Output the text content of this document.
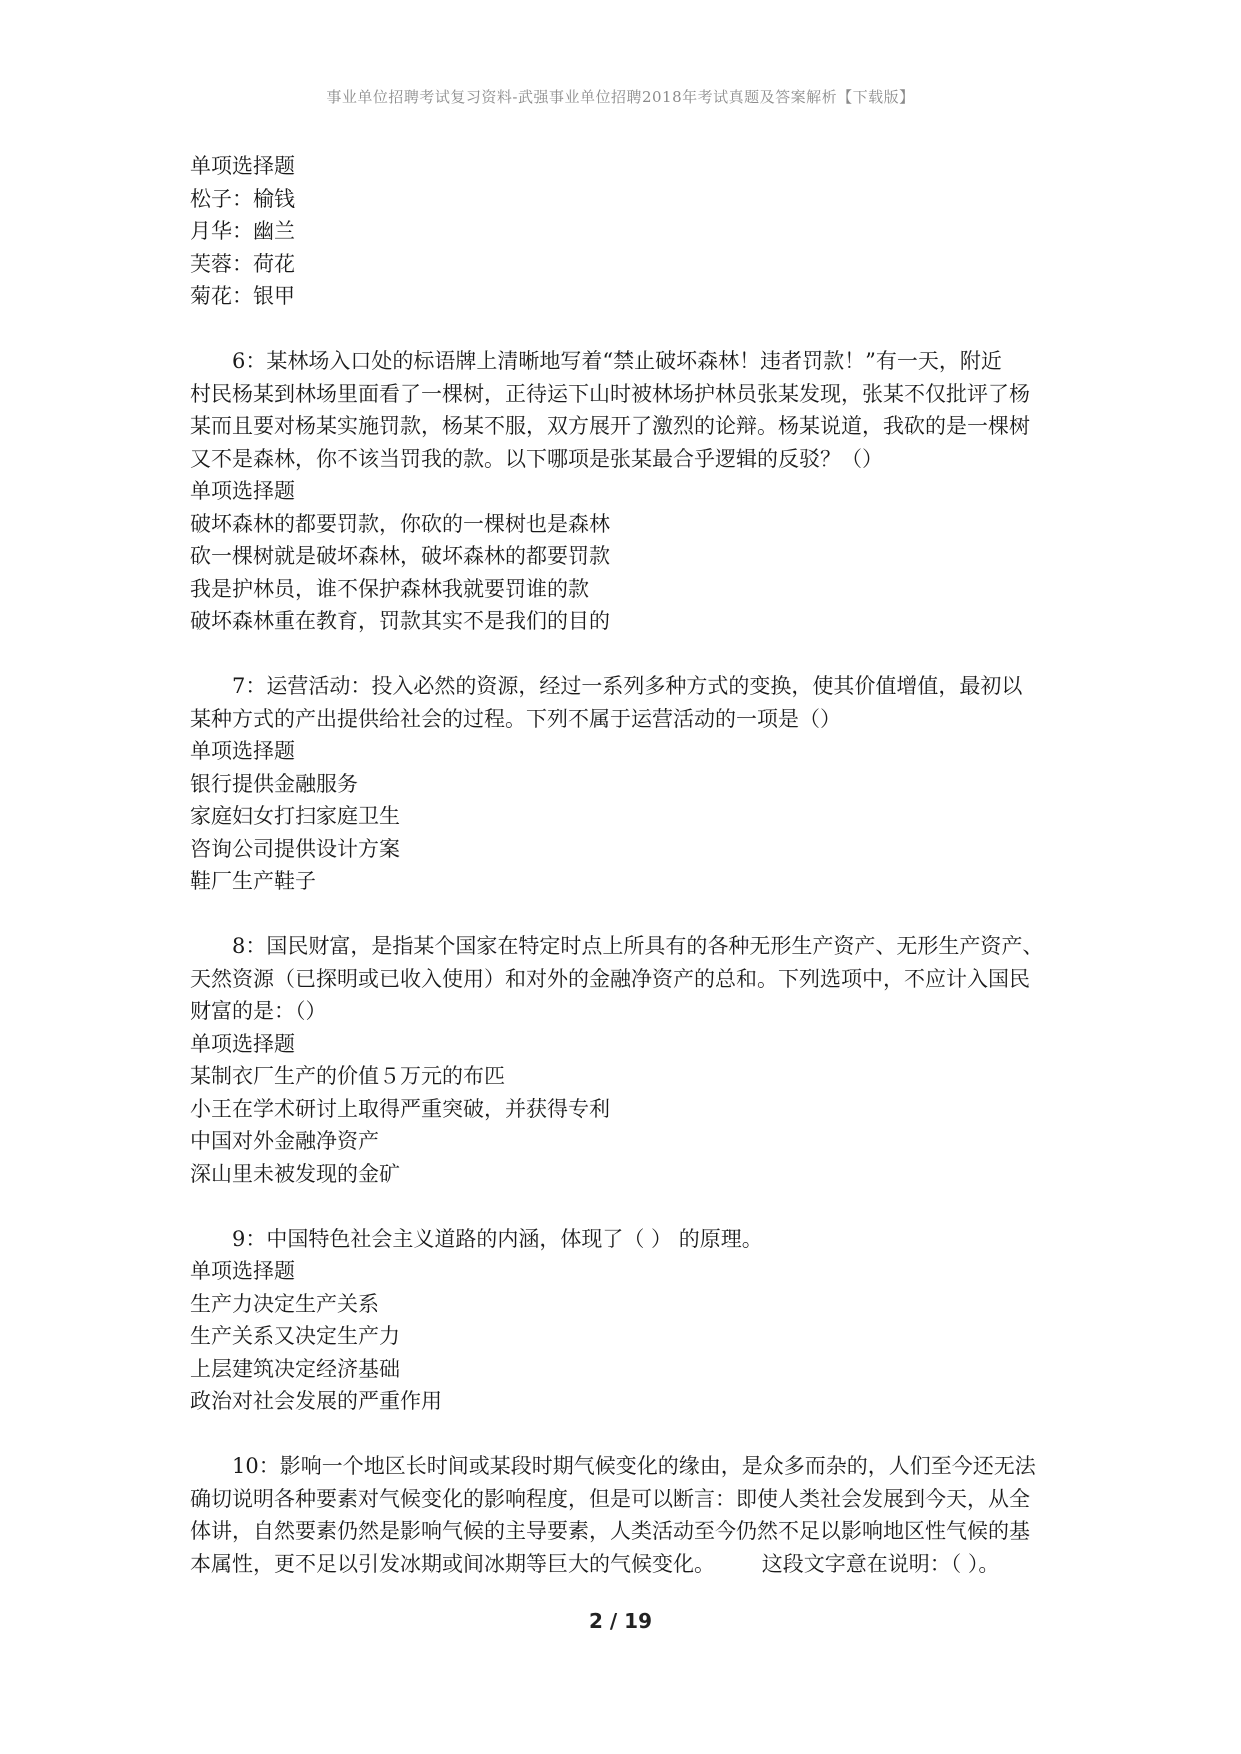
事业单位招聘考试复习资料-武强事业单位招聘2018年考试真题及答案解析【下载版】
单项选择题
松子：榆钱
月华：幽兰
芙蓉：荷花
菊花：银甲
6：某林场入口处的标语牌上清晰地写着“禁止破坏森林！违者罚款！”有一天，附近
村民杨某到林场里面看了一棵树，正待运下山时被林场护林员张某发现，张某不仅批评了杨
某而且要对杨某实施罚款，杨某不服，双方展开了激烈的论辩。杨某说道，我砍的是一棵树
又不是森林，你不该当罚我的款。以下哪项是张某最合乎逻辑的反驳？（）
单项选择题
破坏森林的都要罚款，你砍的一棵树也是森林
砍一棵树就是破坏森林，破坏森林的都要罚款
我是护林员，谁不保护森林我就要罚谁的款
破坏森林重在教育，罚款其实不是我们的目的
7：运营活动：投入必然的资源，经过一系列多种方式的变换，使其价值增值，最初以
某种方式的产出提供给社会的过程。下列不属于运营活动的一项是（）
单项选择题
银行提供金融服务
家庭妇女打扫家庭卫生
咨询公司提供设计方案
鞋厂生产鞋子
8：国民财富，是指某个国家在特定时点上所具有的各种无形生产资产、无形生产资产、
天然资源（已探明或已收入使用）和对外的金融净资产的总和。下列选项中，不应计入国民
财富的是：（）
单项选择题
某制衣厂生产的价值５万元的布匹
小王在学术研讨上取得严重突破，并获得专利
中国对外金融净资产
深山里未被发现的金矿
9：中国特色社会主义道路的内涵，体现了（ ） 的原理。
单项选择题
生产力决定生产关系
生产关系又决定生产力
上层建筑决定经济基础
政治对社会发展的严重作用
10：影响一个地区长时间或某段时期气候变化的缘由，是众多而杂的，人们至今还无法
确切说明各种要素对气候变化的影响程度，但是可以断言：即使人类社会发展到今天，从全
体讲，自然要素仍然是影响气候的主导要素，人类活动至今仍然不足以影响地区性气候的基
本属性，更不足以引发冰期或间冰期等巨大的气候变化。       这段文字意在说明：（ ）。
2 / 19
